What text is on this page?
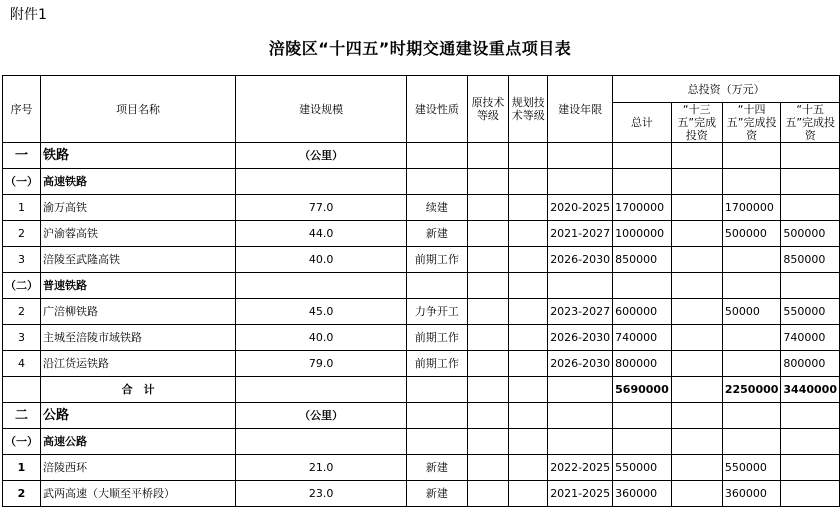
附件1
涪陵区“十四五”时期交通建设重点项目表
序号	项目名称	建设规模	建设性质	原技术等级	规划技术等级	建设年限	总投资（万元）			
							总计	“十三五”完成投资	“十四五”完成投资	“十五五”完成投资
一	铁路	（公里）								
（一）	高速铁路									
1	渝万高铁	77.0	续建			2020-2025	1700000		1700000	
2	沪渝蓉高铁	44.0	新建			2021-2027	1000000		500000	500000
3	涪陵至武隆高铁	40.0	前期工作			2026-2030	850000			850000
（二）	普速铁路									
2	广涪柳铁路	45.0	力争开工			2023-2027	600000		50000	550000
3	主城至涪陵市域铁路	40.0	前期工作			2026-2030	740000			740000
4	沿江货运铁路	79.0	前期工作			2026-2030	800000			800000
	合　计						5690000		2250000	3440000
二	公路	（公里）								
（一）	高速公路									
1	涪陵西环	21.0	新建			2022-2025	550000		550000	
2	武两高速（大顺至平桥段）	23.0	新建			2021-2025	360000		360000	
